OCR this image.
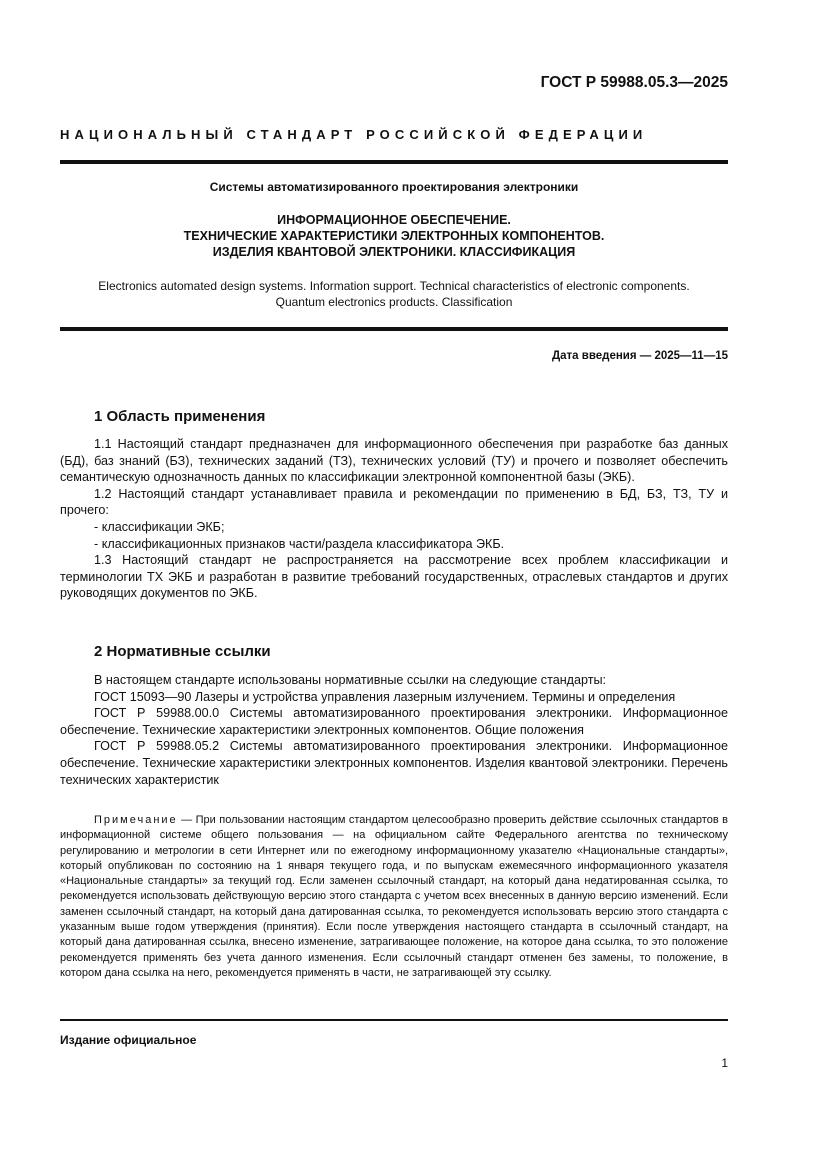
ГОСТ Р 59988.05.3—2025
НАЦИОНАЛЬНЫЙ СТАНДАРТ РОССИЙСКОЙ ФЕДЕРАЦИИ
Системы автоматизированного проектирования электроники
ИНФОРМАЦИОННОЕ ОБЕСПЕЧЕНИЕ.
ТЕХНИЧЕСКИЕ ХАРАКТЕРИСТИКИ ЭЛЕКТРОННЫХ КОМПОНЕНТОВ.
ИЗДЕЛИЯ КВАНТОВОЙ ЭЛЕКТРОНИКИ. КЛАССИФИКАЦИЯ
Electronics automated design systems. Information support. Technical characteristics of electronic components.
Quantum electronics products. Classification
Дата введения — 2025—11—15
1 Область применения

1.1 Настоящий стандарт предназначен для информационного обеспечения при разработке баз данных (БД), баз знаний (БЗ), технических заданий (ТЗ), технических условий (ТУ) и прочего и позволяет обеспечить семантическую однозначность данных по классификации электронной компонентной базы (ЭКБ).

1.2 Настоящий стандарт устанавливает правила и рекомендации по применению в БД, БЗ, ТЗ, ТУ и прочего:

- классификации ЭКБ;

- классификационных признаков части/раздела классификатора ЭКБ.

1.3 Настоящий стандарт не распространяется на рассмотрение всех проблем классификации и терминологии ТХ ЭКБ и разработан в развитие требований государственных, отраслевых стандартов и других руководящих документов по ЭКБ.

2 Нормативные ссылки

В настоящем стандарте использованы нормативные ссылки на следующие стандарты:

ГОСТ 15093—90 Лазеры и устройства управления лазерным излучением. Термины и определения

ГОСТ Р 59988.00.0 Системы автоматизированного проектирования электроники. Информационное обеспечение. Технические характеристики электронных компонентов. Общие положения

ГОСТ Р 59988.05.2 Системы автоматизированного проектирования электроники. Информационное обеспечение. Технические характеристики электронных компонентов. Изделия квантовой электроники. Перечень технических характеристик

Примечание — При пользовании настоящим стандартом целесообразно проверить действие ссылочных стандартов в информационной системе общего пользования — на официальном сайте Федерального агентства по техническому регулированию и метрологии в сети Интернет или по ежегодному информационному указателю «Национальные стандарты», который опубликован по состоянию на 1 января текущего года, и по выпускам ежемесячного информационного указателя «Национальные стандарты» за текущий год. Если заменен ссылочный стандарт, на который дана недатированная ссылка, то рекомендуется использовать действующую версию этого стандарта с учетом всех внесенных в данную версию изменений. Если заменен ссылочный стандарт, на который дана датированная ссылка, то рекомендуется использовать версию этого стандарта с указанным выше годом утверждения (принятия). Если после утверждения настоящего стандарта в ссылочный стандарт, на который дана датированная ссылка, внесено изменение, затрагивающее положение, на которое дана ссылка, то это положение рекомендуется применять без учета данного изменения. Если ссылочный стандарт отменен без замены, то положение, в котором дана ссылка на него, рекомендуется применять в части, не затрагивающей эту ссылку.

Издание официальное
1
